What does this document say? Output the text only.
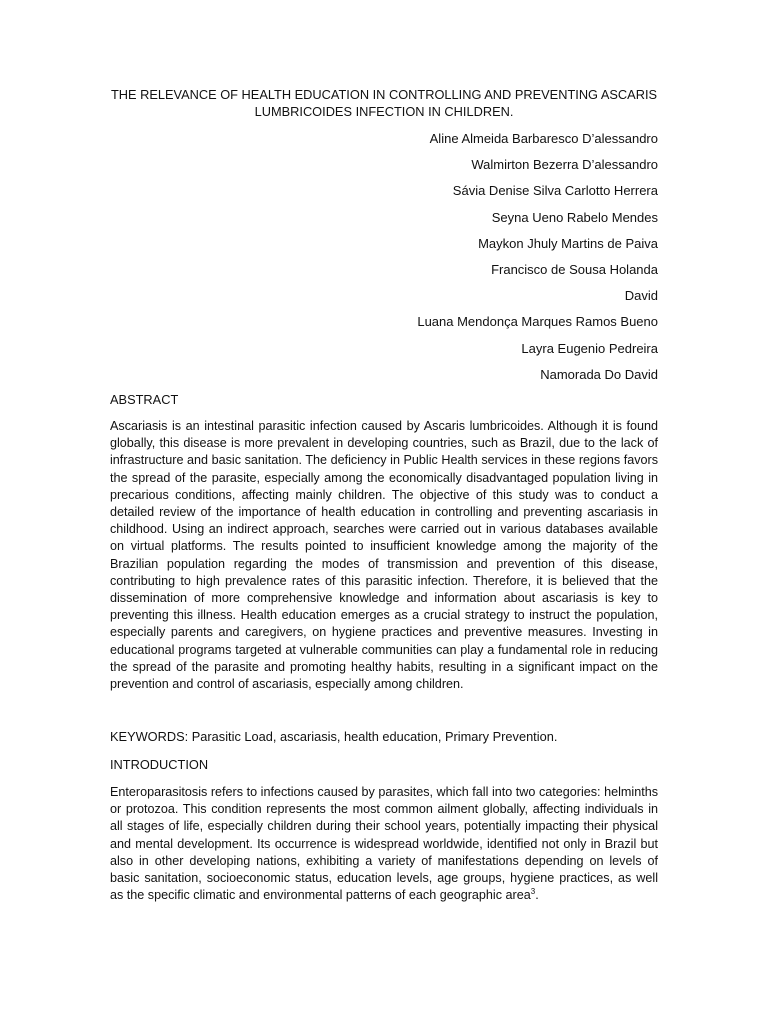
THE RELEVANCE OF HEALTH EDUCATION IN CONTROLLING AND PREVENTING ASCARIS LUMBRICOIDES INFECTION IN CHILDREN.
Aline Almeida Barbaresco D’alessandro
Walmirton Bezerra D’alessandro
Sávia Denise Silva Carlotto Herrera
Seyna Ueno Rabelo Mendes
Maykon Jhuly Martins de Paiva
Francisco de Sousa Holanda
David
Luana Mendonça Marques Ramos Bueno
Layra Eugenio Pedreira
Namorada Do David
ABSTRACT

Ascariasis is an intestinal parasitic infection caused by Ascaris lumbricoides. Although it is found globally, this disease is more prevalent in developing countries, such as Brazil, due to the lack of infrastructure and basic sanitation. The deficiency in Public Health services in these regions favors the spread of the parasite, especially among the economically disadvantaged population living in precarious conditions, affecting mainly children. The objective of this study was to conduct a detailed review of the importance of health education in controlling and preventing ascariasis in childhood. Using an indirect approach, searches were carried out in various databases available on virtual platforms. The results pointed to insufficient knowledge among the majority of the Brazilian population regarding the modes of transmission and prevention of this disease, contributing to high prevalence rates of this parasitic infection. Therefore, it is believed that the dissemination of more comprehensive knowledge and information about ascariasis is key to preventing this illness. Health education emerges as a crucial strategy to instruct the population, especially parents and caregivers, on hygiene practices and preventive measures. Investing in educational programs targeted at vulnerable communities can play a fundamental role in reducing the spread of the parasite and promoting healthy habits, resulting in a significant impact on the prevention and control of ascariasis, especially among children.

KEYWORDS: Parasitic Load, ascariasis, health education, Primary Prevention.

INTRODUCTION

Enteroparasitosis refers to infections caused by parasites, which fall into two categories: helminths or protozoa. This condition represents the most common ailment globally, affecting individuals in all stages of life, especially children during their school years, potentially impacting their physical and mental development. Its occurrence is widespread worldwide, identified not only in Brazil but also in other developing nations, exhibiting a variety of manifestations depending on levels of basic sanitation, socioeconomic status, education levels, age groups, hygiene practices, as well as the specific climatic and environmental patterns of each geographic area$^3$.
